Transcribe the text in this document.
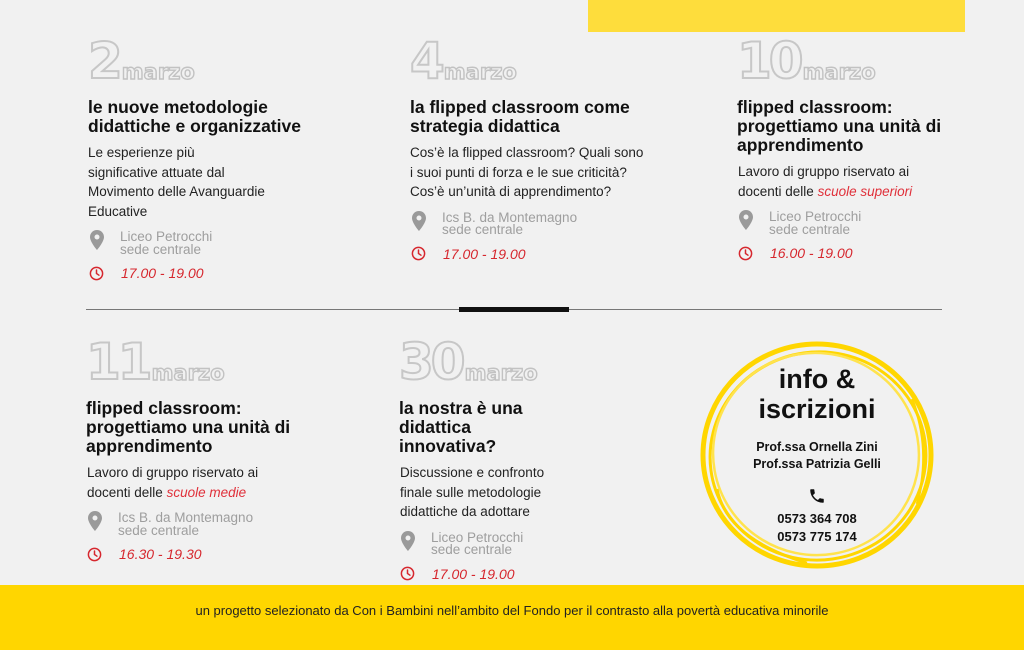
2 marzo
le nuove metodologie didattiche e organizzative
Le esperienze più significative attuate dal Movimento delle Avanguardie Educative
Liceo Petrocchi
sede centrale
17.00 - 19.00
4 marzo
la flipped classroom come strategia didattica
Cos’è la flipped classroom? Quali sono i suoi punti di forza e le sue criticità? Cos’è un’unità di apprendimento?
Ics B. da Montemagno
sede centrale
17.00 - 19.00
10 marzo
flipped classroom: progettiamo una unità di apprendimento
Lavoro di gruppo riservato ai docenti delle scuole superiori
Liceo Petrocchi
sede centrale
16.00 - 19.00
11 marzo
flipped classroom: progettiamo una unità di apprendimento
Lavoro di gruppo riservato ai docenti delle scuole medie
Ics B. da Montemagno
sede centrale
16.30 - 19.30
30 marzo
la nostra è una didattica innovativa?
Discussione e confronto finale sulle metodologie didattiche da adottare
Liceo Petrocchi
sede centrale
17.00 - 19.00
info & iscrizioni
Prof.ssa Ornella Zini
Prof.ssa Patrizia Gelli
0573 364 708
0573 775 174
un progetto selezionato da Con i Bambini nell’ambito del Fondo per il contrasto alla povertà educativa minorile
